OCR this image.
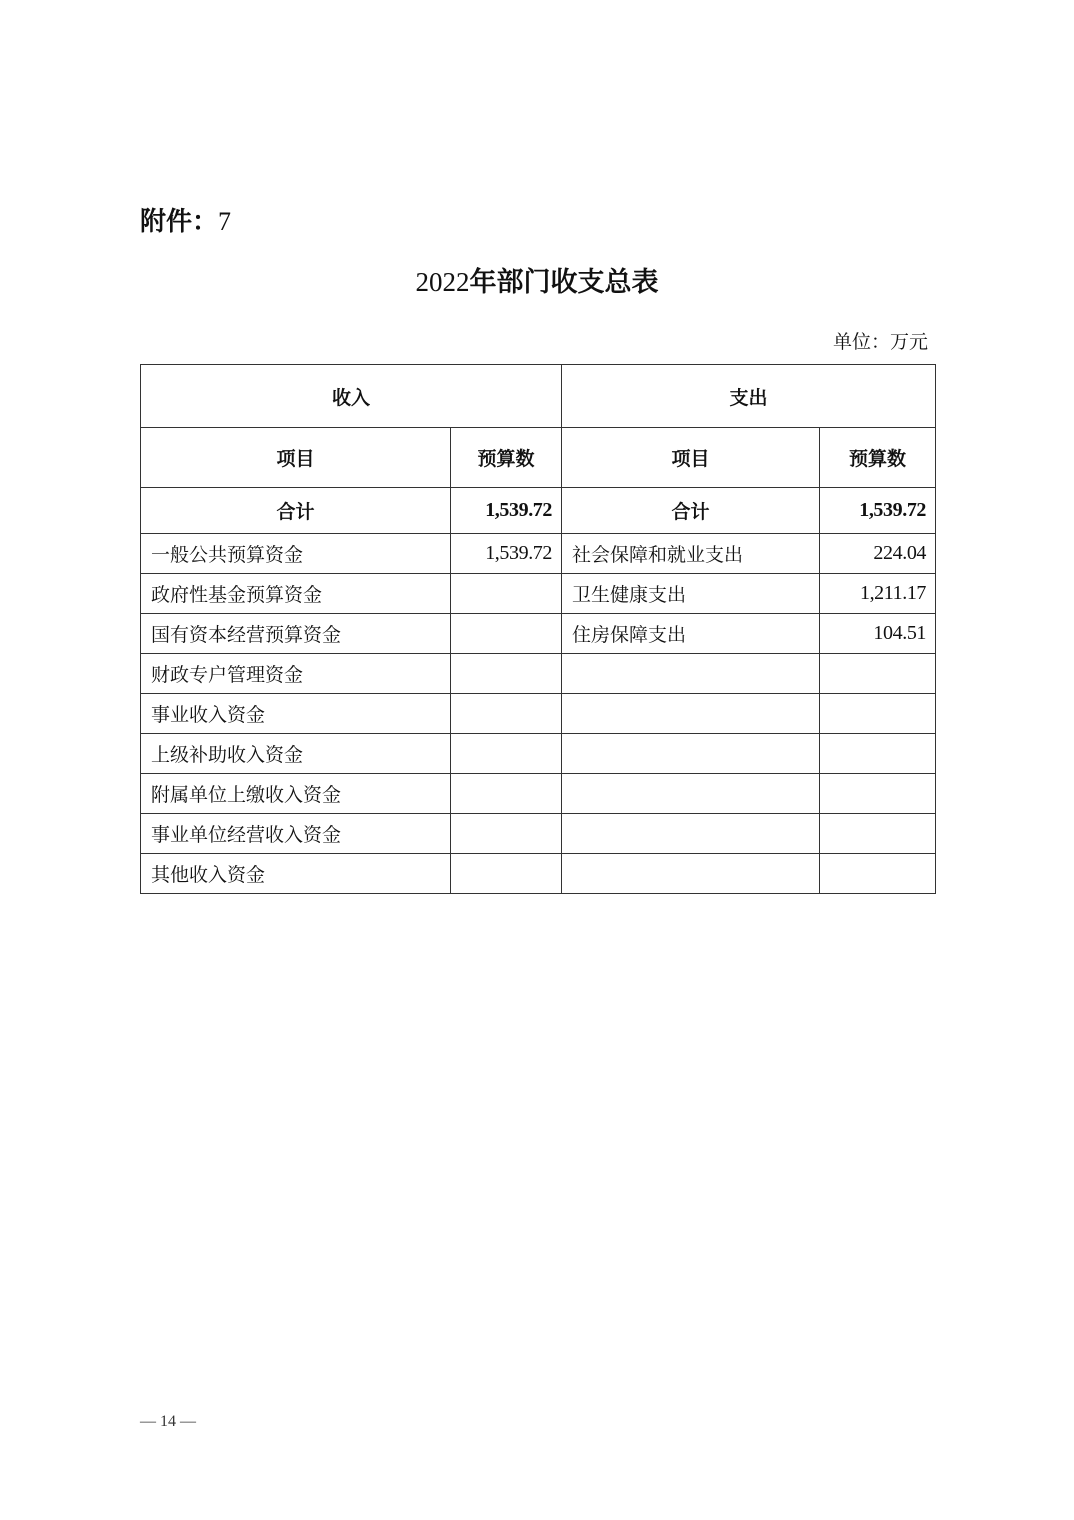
附件：7
2022年部门收支总表
单位：万元
收入		支出	
项目	预算数	项目	预算数
合计	1,539.72	合计	1,539.72
一般公共预算资金	1,539.72	社会保障和就业支出	224.04
政府性基金预算资金		卫生健康支出	1,211.17
国有资本经营预算资金		住房保障支出	104.51
财政专户管理资金			
事业收入资金			
上级补助收入资金			
附属单位上缴收入资金			
事业单位经营收入资金			
其他收入资金			
— 14 —
